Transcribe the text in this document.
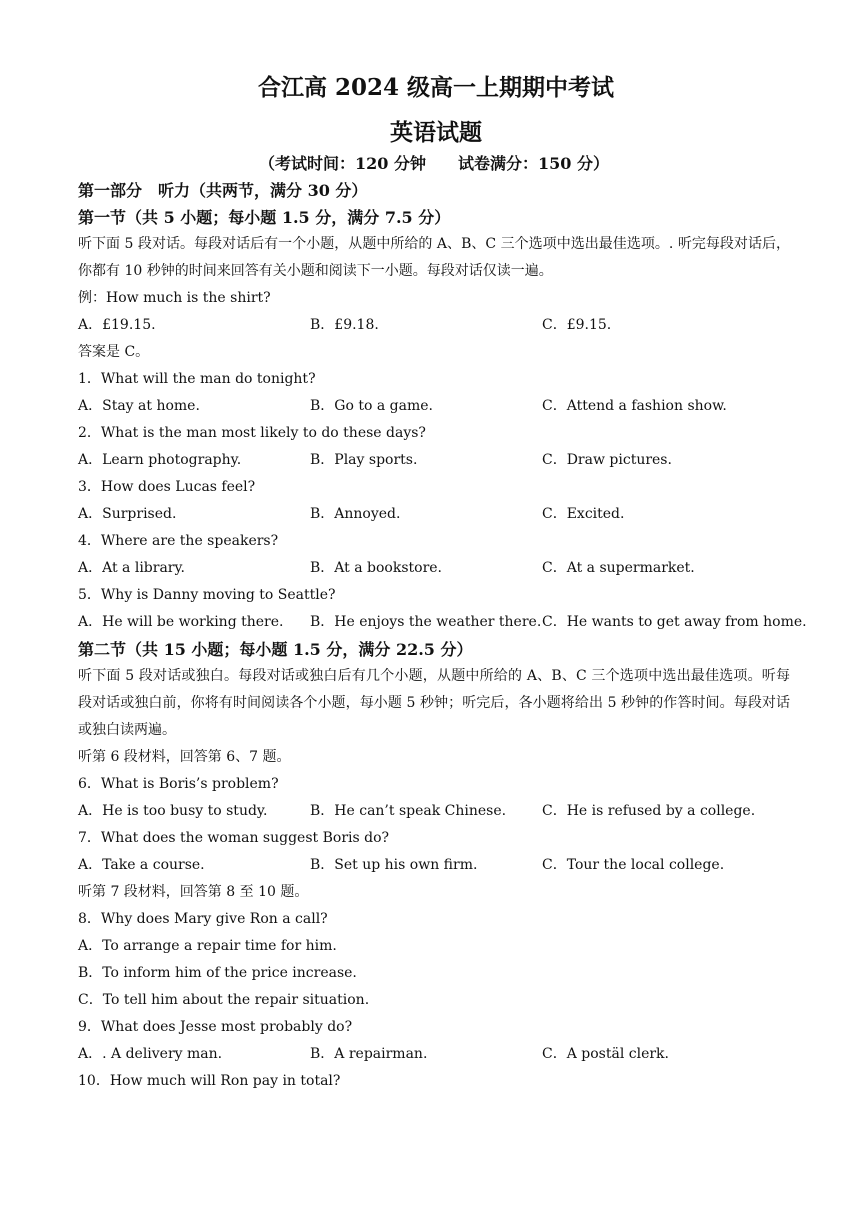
合江高 2024 级高一上期期中考试
英语试题
（考试时间：120 分钟　　试卷满分：150 分）
第一部分　听力（共两节，满分 30 分）
第一节（共 5 小题；每小题 1.5 分，满分 7.5 分）
听下面 5 段对话。每段对话后有一个小题，从题中所给的 A、B、C 三个选项中选出最佳选项。. 听完每段对话后，你都有 10 秒钟的时间来回答有关小题和阅读下一小题。每段对话仅读一遍。
例：How much is the shirt?
A．£19.15.	B．£9.18.	C．£9.15.
答案是 C。
1．What will the man do tonight?
A．Stay at home.	B．Go to a game.	C．Attend a fashion show.
2．What is the man most likely to do these days?
A．Learn photography.	B．Play sports.	C．Draw pictures.
3．How does Lucas feel?
A．Surprised.	B．Annoyed.	C．Excited.
4．Where are the speakers?
A．At a library.	B．At a bookstore.	C．At a supermarket.
5．Why is Danny moving to Seattle?
A．He will be working there.	B．He enjoys the weather there. C．He wants to get away from home.
第二节（共 15 小题；每小题 1.5 分，满分 22.5 分）
听下面 5 段对话或独白。每段对话或独白后有几个小题，从题中所给的 A、B、C 三个选项中选出最佳选项。听每段对话或独白前，你将有时间阅读各个小题，每小题 5 秒钟；听完后，各小题将给出 5 秒钟的作答时间。每段对话或独白读两遍。
听第 6 段材料，回答第 6、7 题。
6．What is Boris’s problem?
A．He is too busy to study.	B．He can’t speak Chinese.	C．He is refused by a college.
7．What does the woman suggest Boris do?
A．Take a course.	B．Set up his own firm.	C．Tour the local college.
听第 7 段材料，回答第 8 至 10 题。
8．Why does Mary give Ron a call?
A．To arrange a repair time for him.
B．To inform him of the price increase.
C．To tell him about the repair situation.
9．What does Jesse most probably do?
A．. A delivery man.	B．A repairman.	C．A postäl clerk.
10．How much will Ron pay in total?
